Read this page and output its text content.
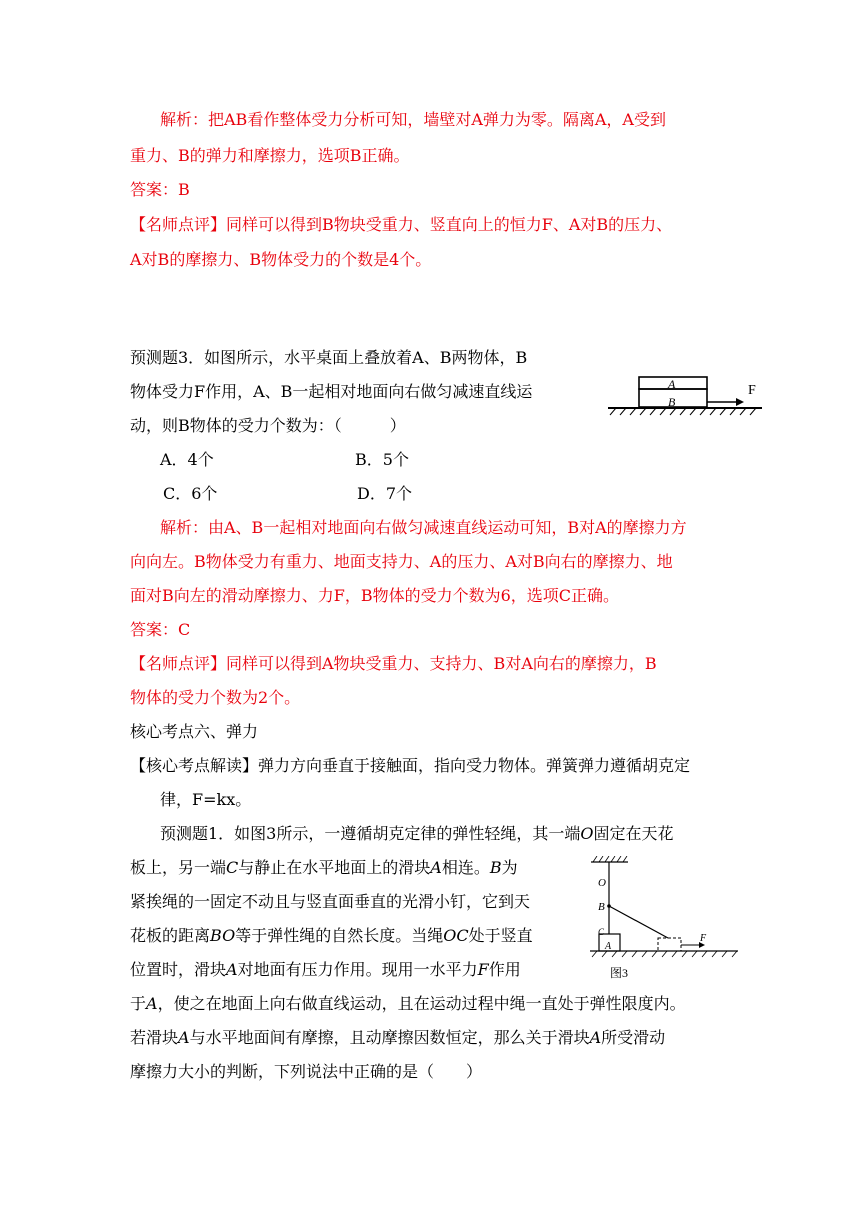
解析：把AB看作整体受力分析可知，墙壁对A弹力为零。隔离A，A受到
重力、B的弹力和摩擦力，选项B正确。
答案：B
【名师点评】同样可以得到B物块受重力、竖直向上的恒力F、A对B的压力、
A对B的摩擦力、B物体受力的个数是4个。
预测题3．如图所示，水平桌面上叠放着A、B两物体，B
物体受力F作用，A、B一起相对地面向右做匀减速直线运
动，则B物体的受力个数为：（　　　）
A
B
F
A．4个	B．5个
C．6个	D．7个
解析：由A、B一起相对地面向右做匀减速直线运动可知，B对A的摩擦力方
向向左。B物体受力有重力、地面支持力、A的压力、A对B向右的摩擦力、地
面对B向左的滑动摩擦力、力F，B物体的受力个数为6，选项C正确。
答案：C
【名师点评】同样可以得到A物块受重力、支持力、B对A向右的摩擦力，B
物体的受力个数为2个。
核心考点六、弹力
【核心考点解读】弹力方向垂直于接触面，指向受力物体。弹簧弹力遵循胡克定
律，F=kx。
预测题1．如图3所示，一遵循胡克定律的弹性轻绳，其一端O固定在天花
板上，另一端C与静止在水平地面上的滑块A相连。B为
紧挨绳的一固定不动且与竖直面垂直的光滑小钉，它到天
花板的距离BO等于弹性绳的自然长度。当绳OC处于竖直
位置时，滑块A对地面有压力作用。现用一水平力F作用
于A，使之在地面上向右做直线运动，且在运动过程中绳一直处于弹性限度内。
若滑块A与水平地面间有摩擦，且动摩擦因数恒定，那么关于滑块A所受滑动
摩擦力大小的判断，下列说法中正确的是（　　）
O
B
C
A
F
图3
